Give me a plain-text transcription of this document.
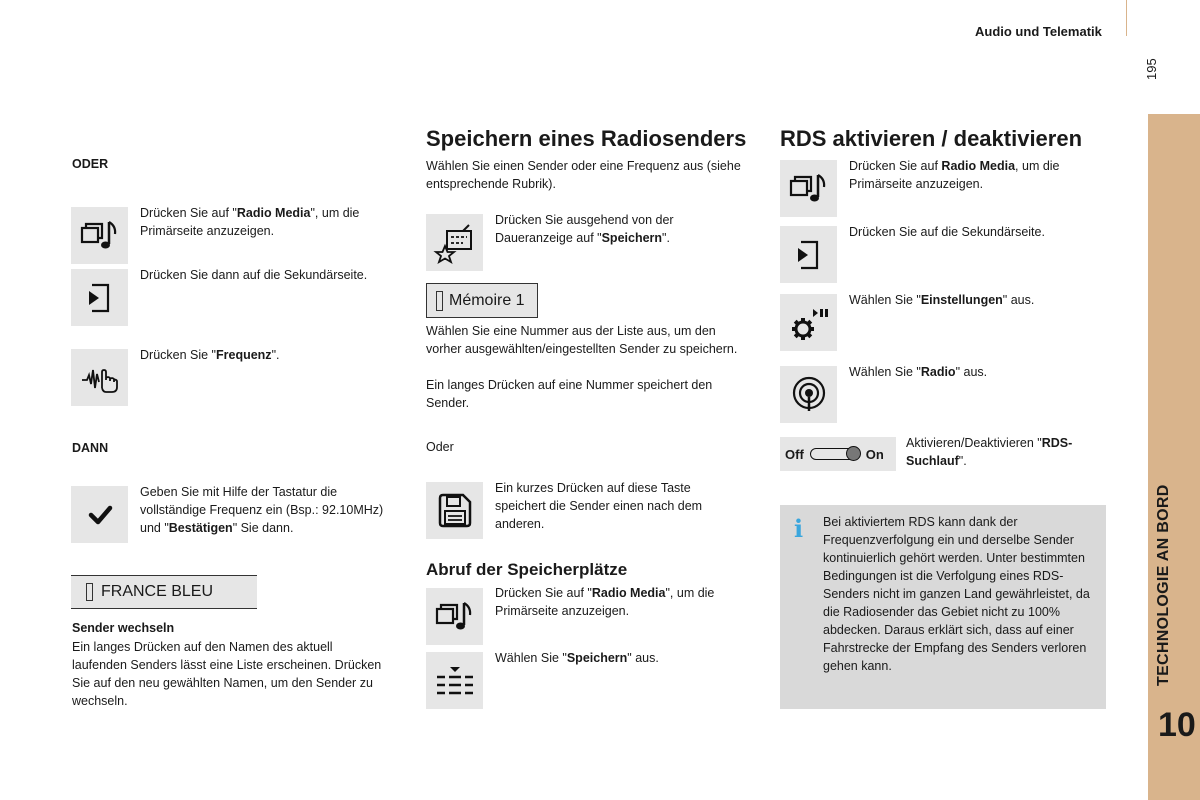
Audio und Telematik
195
TECHNOLOGIE AN BORD
10
ODER
Drücken Sie auf "Radio Media", um die Primärseite anzuzeigen.
Drücken Sie dann auf die Sekundärseite.
Drücken Sie "Frequenz".
DANN
Geben Sie mit Hilfe der Tastatur die vollständige Frequenz ein (Bsp.: 92.10MHz) und "Bestätigen" Sie dann.
FRANCE BLEU
Sender wechseln
Ein langes Drücken auf den Namen des aktuell laufenden Senders lässt eine Liste erscheinen. Drücken Sie auf den neu gewählten Namen, um den Sender zu wechseln.
Speichern eines Radiosenders
Wählen Sie einen Sender oder eine Frequenz aus (siehe entsprechende Rubrik).
Drücken Sie ausgehend von der Daueranzeige auf "Speichern".
Mémoire 1
Wählen Sie eine Nummer aus der Liste aus, um den vorher ausgewählten/eingestellten Sender zu speichern.
Ein langes Drücken auf eine Nummer speichert den Sender.
Oder
Ein kurzes Drücken auf diese Taste speichert die Sender einen nach dem anderen.
Abruf der Speicherplätze
Drücken Sie auf "Radio Media", um die Primärseite anzuzeigen.
Wählen Sie "Speichern" aus.
RDS aktivieren / deaktivieren
Drücken Sie auf Radio Media, um die Primärseite anzuzeigen.
Drücken Sie auf die Sekundärseite.
Wählen Sie "Einstellungen" aus.
Wählen Sie "Radio" aus.
Off	On
Aktivieren/Deaktivieren "RDS-Suchlauf".
i Bei aktiviertem RDS kann dank der Frequenzverfolgung ein und derselbe Sender kontinuierlich gehört werden. Unter bestimmten Bedingungen ist die Verfolgung eines RDS-Senders nicht im ganzen Land gewährleistet, da die Radiosender das Gebiet nicht zu 100% abdecken. Daraus erklärt sich, dass auf einer Fahrstrecke der Empfang des Senders verloren gehen kann.
